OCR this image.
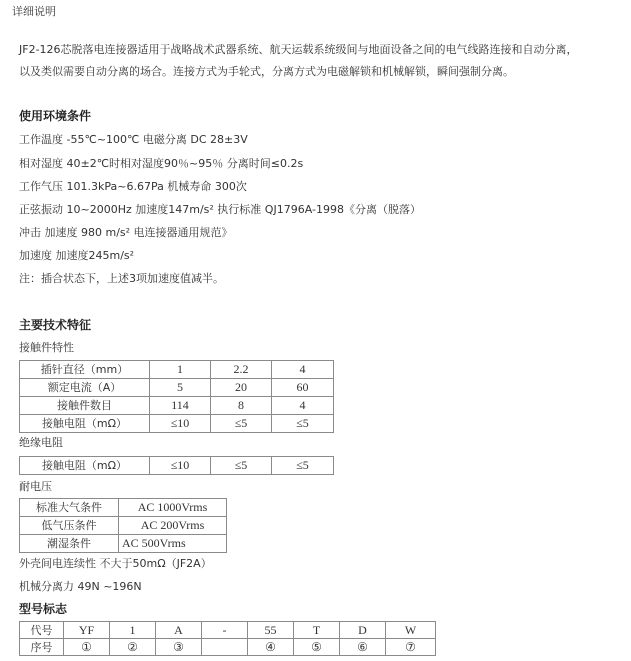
详细说明
JF2-126芯脱落电连接器适用于战略战术武器系统、航天运载系统级间与地面设备之间的电气线路连接和自动分离，
以及类似需要自动分离的场合。连接方式为手轮式，分离方式为电磁解锁和机械解锁，瞬间强制分离。
使用环境条件
工作温度 -55℃~100℃ 电磁分离 DC 28±3V
相对湿度 40±2℃时相对湿度90％~95％ 分离时间≤0.2s
工作气压 101.3kPa~6.67Pa 机械寿命 300次
正弦振动 10~2000Hz 加速度147m/s² 执行标准 QJ1796A-1998《分离（脱落）
冲击 加速度 980 m/s² 电连接器通用规范》
加速度 加速度245m/s²
注：插合状态下，上述3项加速度值减半。
主要技术特征
接触件特性
插针直径（mm）	1	2.2	4
额定电流（A）	5	20	60
接触件数目	114	8	4
接触电阻（mΩ）	≤10	≤5	≤5
绝缘电阻
接触电阻（mΩ）	≤10	≤5	≤5
耐电压
标准大气条件	AC 1000Vrms
低气压条件	AC 200Vrms
潮湿条件	AC 500Vrms
外壳间电连续性 不大于50mΩ（JF2A）
机械分离力 49N ~196N
型号标志
代号	YF	1	A	-	55	T	D	W
序号	①	②	③		④	⑤	⑥	⑦
